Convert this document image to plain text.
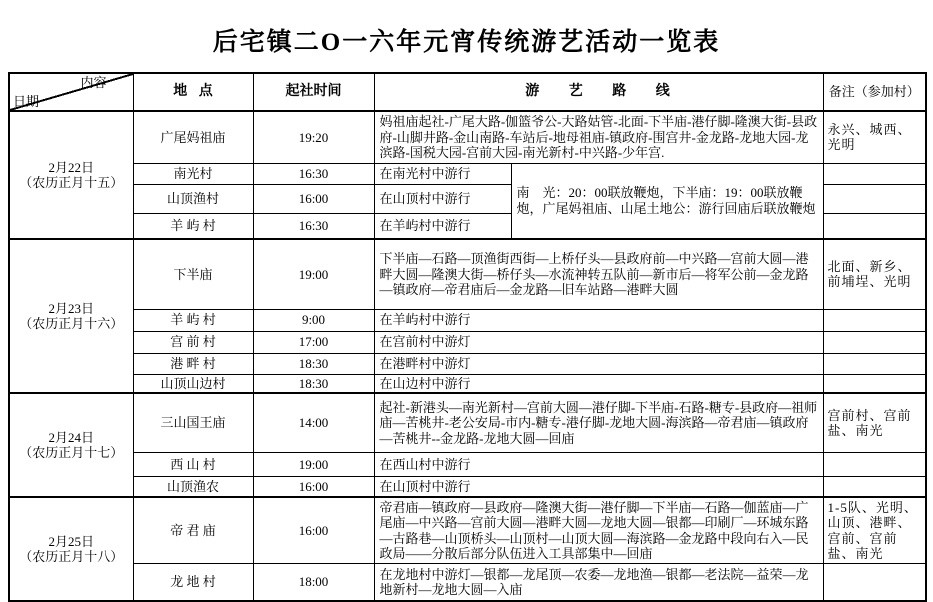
后宅镇二O一六年元宵传统游艺活动一览表
内容
日期	地 点	起社时间	游 艺 路 线		备注（参加村）

2月22日
（农历正月十五）	广尾妈祖庙	19:20	妈祖庙起社-广尾大路-伽篮爷公-大路姑管-北面-下半庙-港仔脚-隆澳大街-县政府-山脚井路-金山南路-车站后-地母祖庙-镇政府-围宫井-金龙路-龙地大园-龙滨路-国税大园-宫前大园-南光新村-中兴路-少年宫.		永兴、城西、光明
	南光村	16:30	在南光村中游行	南　光：20：00联放鞭炮，下半庙：19：00联放鞭炮，广尾妈祖庙、山尾土地公：游行回庙后联放鞭炮	
	山顶渔村	16:00	在山顶村中游行		
	羊 屿 村	16:30	在羊屿村中游行		

2月23日
（农历正月十六）	下半庙	19:00	下半庙—石路—顶渔街西街—上桥仔头—县政府前—中兴路—宫前大圆—港畔大圆—隆澳大街—桥仔头—水流神转五队前—新市后—将军公前—金龙路—镇政府—帝君庙后—金龙路—旧车站路—港畔大圆		北面、新乡、前埔埕、光明
	羊 屿 村	9:00	在羊屿村中游行		
	宫 前 村	17:00	在宫前村中游灯		
	港 畔 村	18:30	在港畔村中游灯		
	山顶山边村	18:30	在山边村中游行		

2月24日
（农历正月十七）	三山国王庙	14:00	起社-新港头—南光新村—宫前大圆—港仔脚-下半庙-石路-糖专-县政府—祖师庙—苦桃井-老公安局-市内-糖专-港仔脚-龙地大圆-海滨路—帝君庙—镇政府—苦桃井--金龙路-龙地大圆—回庙		宫前村、宫前盐、南光
	西 山 村	19:00	在西山村中游行		
	山顶渔农	16:00	在山顶村中游行		

2月25日
（农历正月十八）	帝 君 庙	16:00	帝君庙—镇政府—县政府—隆澳大街—港仔脚—下半庙—石路—伽蓝庙—广尾庙—中兴路—宫前大圆—港畔大圆—龙地大圆—银都—印刷厂—环城东路—古路巷—山顶桥头—山顶村—山顶大圆—海滨路—金龙路中段向右入—民政局——分散后部分队伍进入工具部集中—回庙		1-5队、光明、山顶、港畔、宫前、宫前盐、南光
	龙 地 村	18:00	在龙地村中游灯—银都—龙尾顶—农委—龙地渔—银都—老法院—益荣—龙地新村—龙地大圆—入庙		
